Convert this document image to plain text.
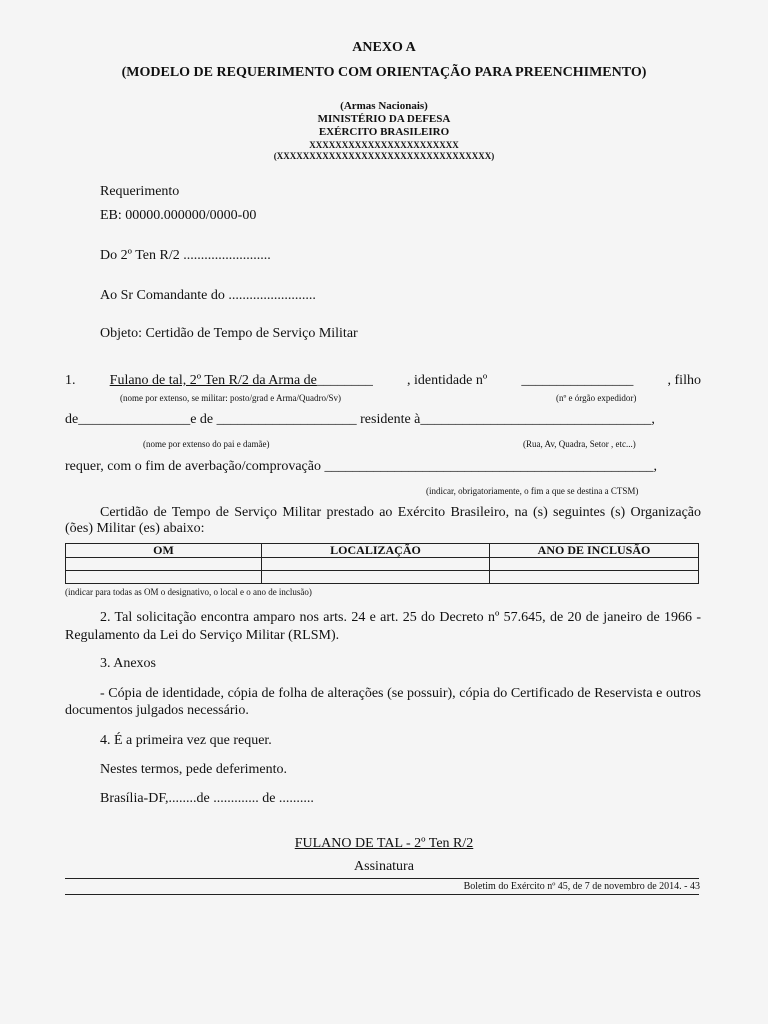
ANEXO A
(MODELO DE REQUERIMENTO COM ORIENTAÇÃO PARA PREENCHIMENTO)
(Armas Nacionais)
MINISTÉRIO DA DEFESA
EXÉRCITO BRASILEIRO
XXXXXXXXXXXXXXXXXXXXXXX
(XXXXXXXXXXXXXXXXXXXXXXXXXXXXXXXXX)
Requerimento
EB: 00000.000000/0000-00
Do 2º Ten R/2 .........................
Ao Sr Comandante do .........................
Objeto: Certidão de Tempo de Serviço Militar
1. Fulano de tal, 2º Ten R/2 da Arma de________ , identidade nº ________________ , filho
(nome por extenso, se militar: posto/grad e Arma/Quadro/Sv)	(nº e órgão expedidor)
de________________e de ____________________ residente à_________________________________,
(nome por extenso do pai e damãe)	(Rua, Av, Quadra, Setor , etc...)
requer, com o fim de averbação/comprovação _______________________________________________,
(indicar, obrigatoriamente, o fim a que se destina a CTSM)
Certidão de Tempo de Serviço Militar prestado ao Exército Brasileiro, na (s) seguintes (s) Organização (ões) Militar (es) abaixo:
OM	LOCALIZAÇÃO	ANO DE INCLUSÃO

(indicar para todas as OM o designativo, o local e o ano de inclusão)
2. Tal solicitação encontra amparo nos arts. 24 e art. 25 do Decreto nº 57.645, de 20 de janeiro de 1966 - Regulamento da Lei do Serviço Militar (RLSM).
3. Anexos
- Cópia de identidade, cópia de folha de alterações (se possuir), cópia do Certificado de Reservista e outros documentos julgados necessário.
4. É a primeira vez que requer.
Nestes termos, pede deferimento.
Brasília-DF,........de ............. de ..........
FULANO DE TAL - 2º Ten R/2
Assinatura
Boletim do Exército nº 45, de 7 de novembro de 2014. - 43
